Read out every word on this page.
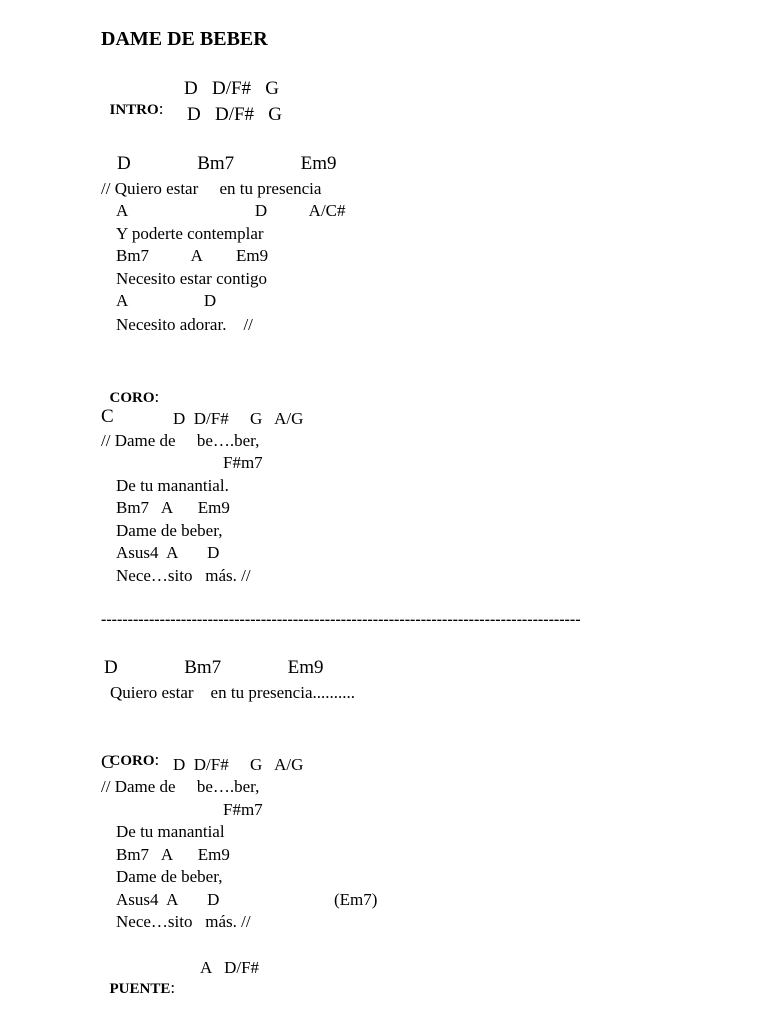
DAME DE BEBER

INTRO:

D   D/F#   G
D   D/F#   G
D              Bm7              Em9
// Quiero estar     en tu presencia
A                              D          A/C#
Y poderte contemplar
Bm7          A        Em9
Necesito estar contigo
A                  D
Necesito adorar.    //

CORO:

C	D  D/F#     G   A/G
// Dame de     be….ber,
F#m7
De tu manantial.
Bm7   A      Em9
Dame de beber,
Asus4  A       D
Nece…sito   más. //
------------------------------------------------------------------------------------------
D              Bm7              Em9
Quiero estar    en tu presencia..........

CORO:

C	D  D/F#     G   A/G
// Dame de     be….ber,
F#m7
De tu manantial
Bm7   A      Em9
Dame de beber,
Asus4  A       D	(Em7)
Nece…sito   más. //

PUENTE:

A   D/F#
